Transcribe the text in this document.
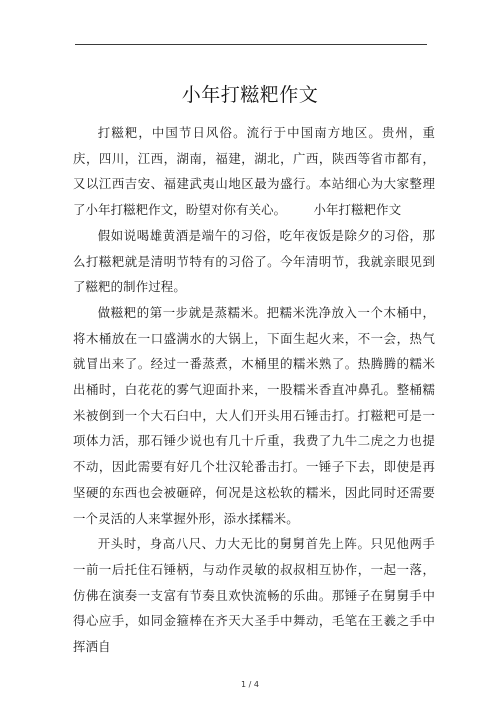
小年打糍粑作文

打糍粑，中国节日风俗。流行于中国南方地区。贵州，重庆，四川，江西，湖南，福建，湖北，广西，陕西等省市都有，又以江西吉安、福建武夷山地区最为盛行。本站细心为大家整理了小年打糍粑作文，盼望对你有关心。 小年打糍粑作文

假如说喝雄黄酒是端午的习俗，吃年夜饭是除夕的习俗，那么打糍粑就是清明节特有的习俗了。今年清明节，我就亲眼见到了糍粑的制作过程。

做糍粑的第一步就是蒸糯米。把糯米洗净放入一个木桶中，将木桶放在一口盛满水的大锅上，下面生起火来，不一会，热气就冒出来了。经过一番蒸煮，木桶里的糯米熟了。热腾腾的糯米出桶时，白花花的雾气迎面扑来，一股糯米香直冲鼻孔。整桶糯米被倒到一个大石臼中，大人们开头用石锤击打。打糍粑可是一项体力活，那石锤少说也有几十斤重，我费了九牛二虎之力也提不动，因此需要有好几个壮汉轮番击打。一锤子下去，即使是再坚硬的东西也会被砸碎，何况是这松软的糯米，因此同时还需要一个灵活的人来掌握外形，添水揉糯米。

开头时，身高八尺、力大无比的舅舅首先上阵。只见他两手一前一后托住石锤柄，与动作灵敏的叔叔相互协作，一起一落，仿佛在演奏一支富有节奏且欢快流畅的乐曲。那锤子在舅舅手中得心应手，如同金箍棒在齐天大圣手中舞动，毛笔在王羲之手中挥洒自

1 / 4
